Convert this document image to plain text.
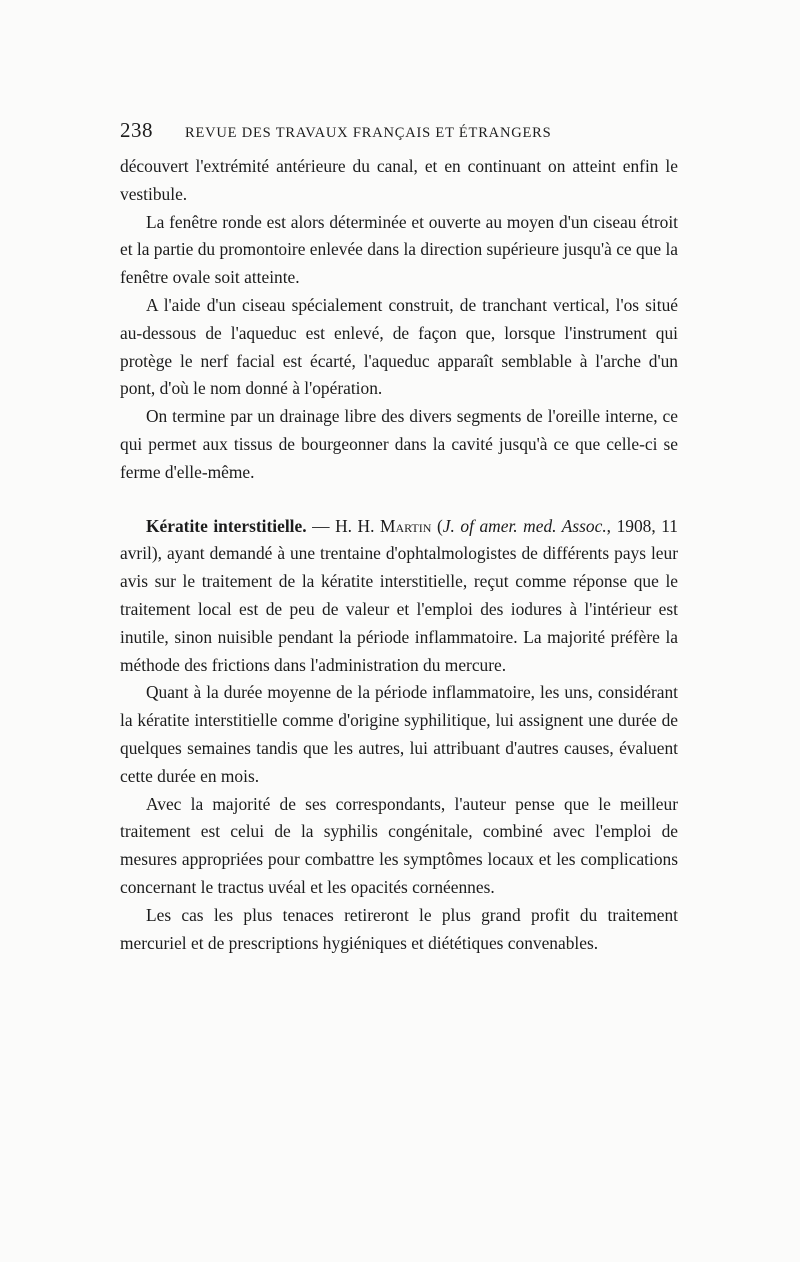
238 REVUE DES TRAVAUX FRANÇAIS ET ÉTRANGERS

découvert l'extrémité antérieure du canal, et en continuant on atteint enfin le vestibule.

La fenêtre ronde est alors déterminée et ouverte au moyen d'un ciseau étroit et la partie du promontoire enlevée dans la direction supérieure jusqu'à ce que la fenêtre ovale soit atteinte.

A l'aide d'un ciseau spécialement construit, de tranchant vertical, l'os situé au-dessous de l'aqueduc est enlevé, de façon que, lorsque l'instrument qui protège le nerf facial est écarté, l'aqueduc apparaît semblable à l'arche d'un pont, d'où le nom donné à l'opération.

On termine par un drainage libre des divers segments de l'oreille interne, ce qui permet aux tissus de bourgeonner dans la cavité jusqu'à ce que celle-ci se ferme d'elle-même.

Kératite interstitielle. — H. H. Martin (J. of amer. med. Assoc., 1908, 11 avril), ayant demandé à une trentaine d'ophtalmologistes de différents pays leur avis sur le traitement de la kératite interstitielle, reçut comme réponse que le traitement local est de peu de valeur et l'emploi des iodures à l'intérieur est inutile, sinon nuisible pendant la période inflammatoire. La majorité préfère la méthode des frictions dans l'administration du mercure.

Quant à la durée moyenne de la période inflammatoire, les uns, considérant la kératite interstitielle comme d'origine syphilitique, lui assignent une durée de quelques semaines tandis que les autres, lui attribuant d'autres causes, évaluent cette durée en mois.

Avec la majorité de ses correspondants, l'auteur pense que le meilleur traitement est celui de la syphilis congénitale, combiné avec l'emploi de mesures appropriées pour combattre les symptômes locaux et les complications concernant le tractus uvéal et les opacités cornéennes.

Les cas les plus tenaces retireront le plus grand profit du traitement mercuriel et de prescriptions hygiéniques et diététiques convenables.
